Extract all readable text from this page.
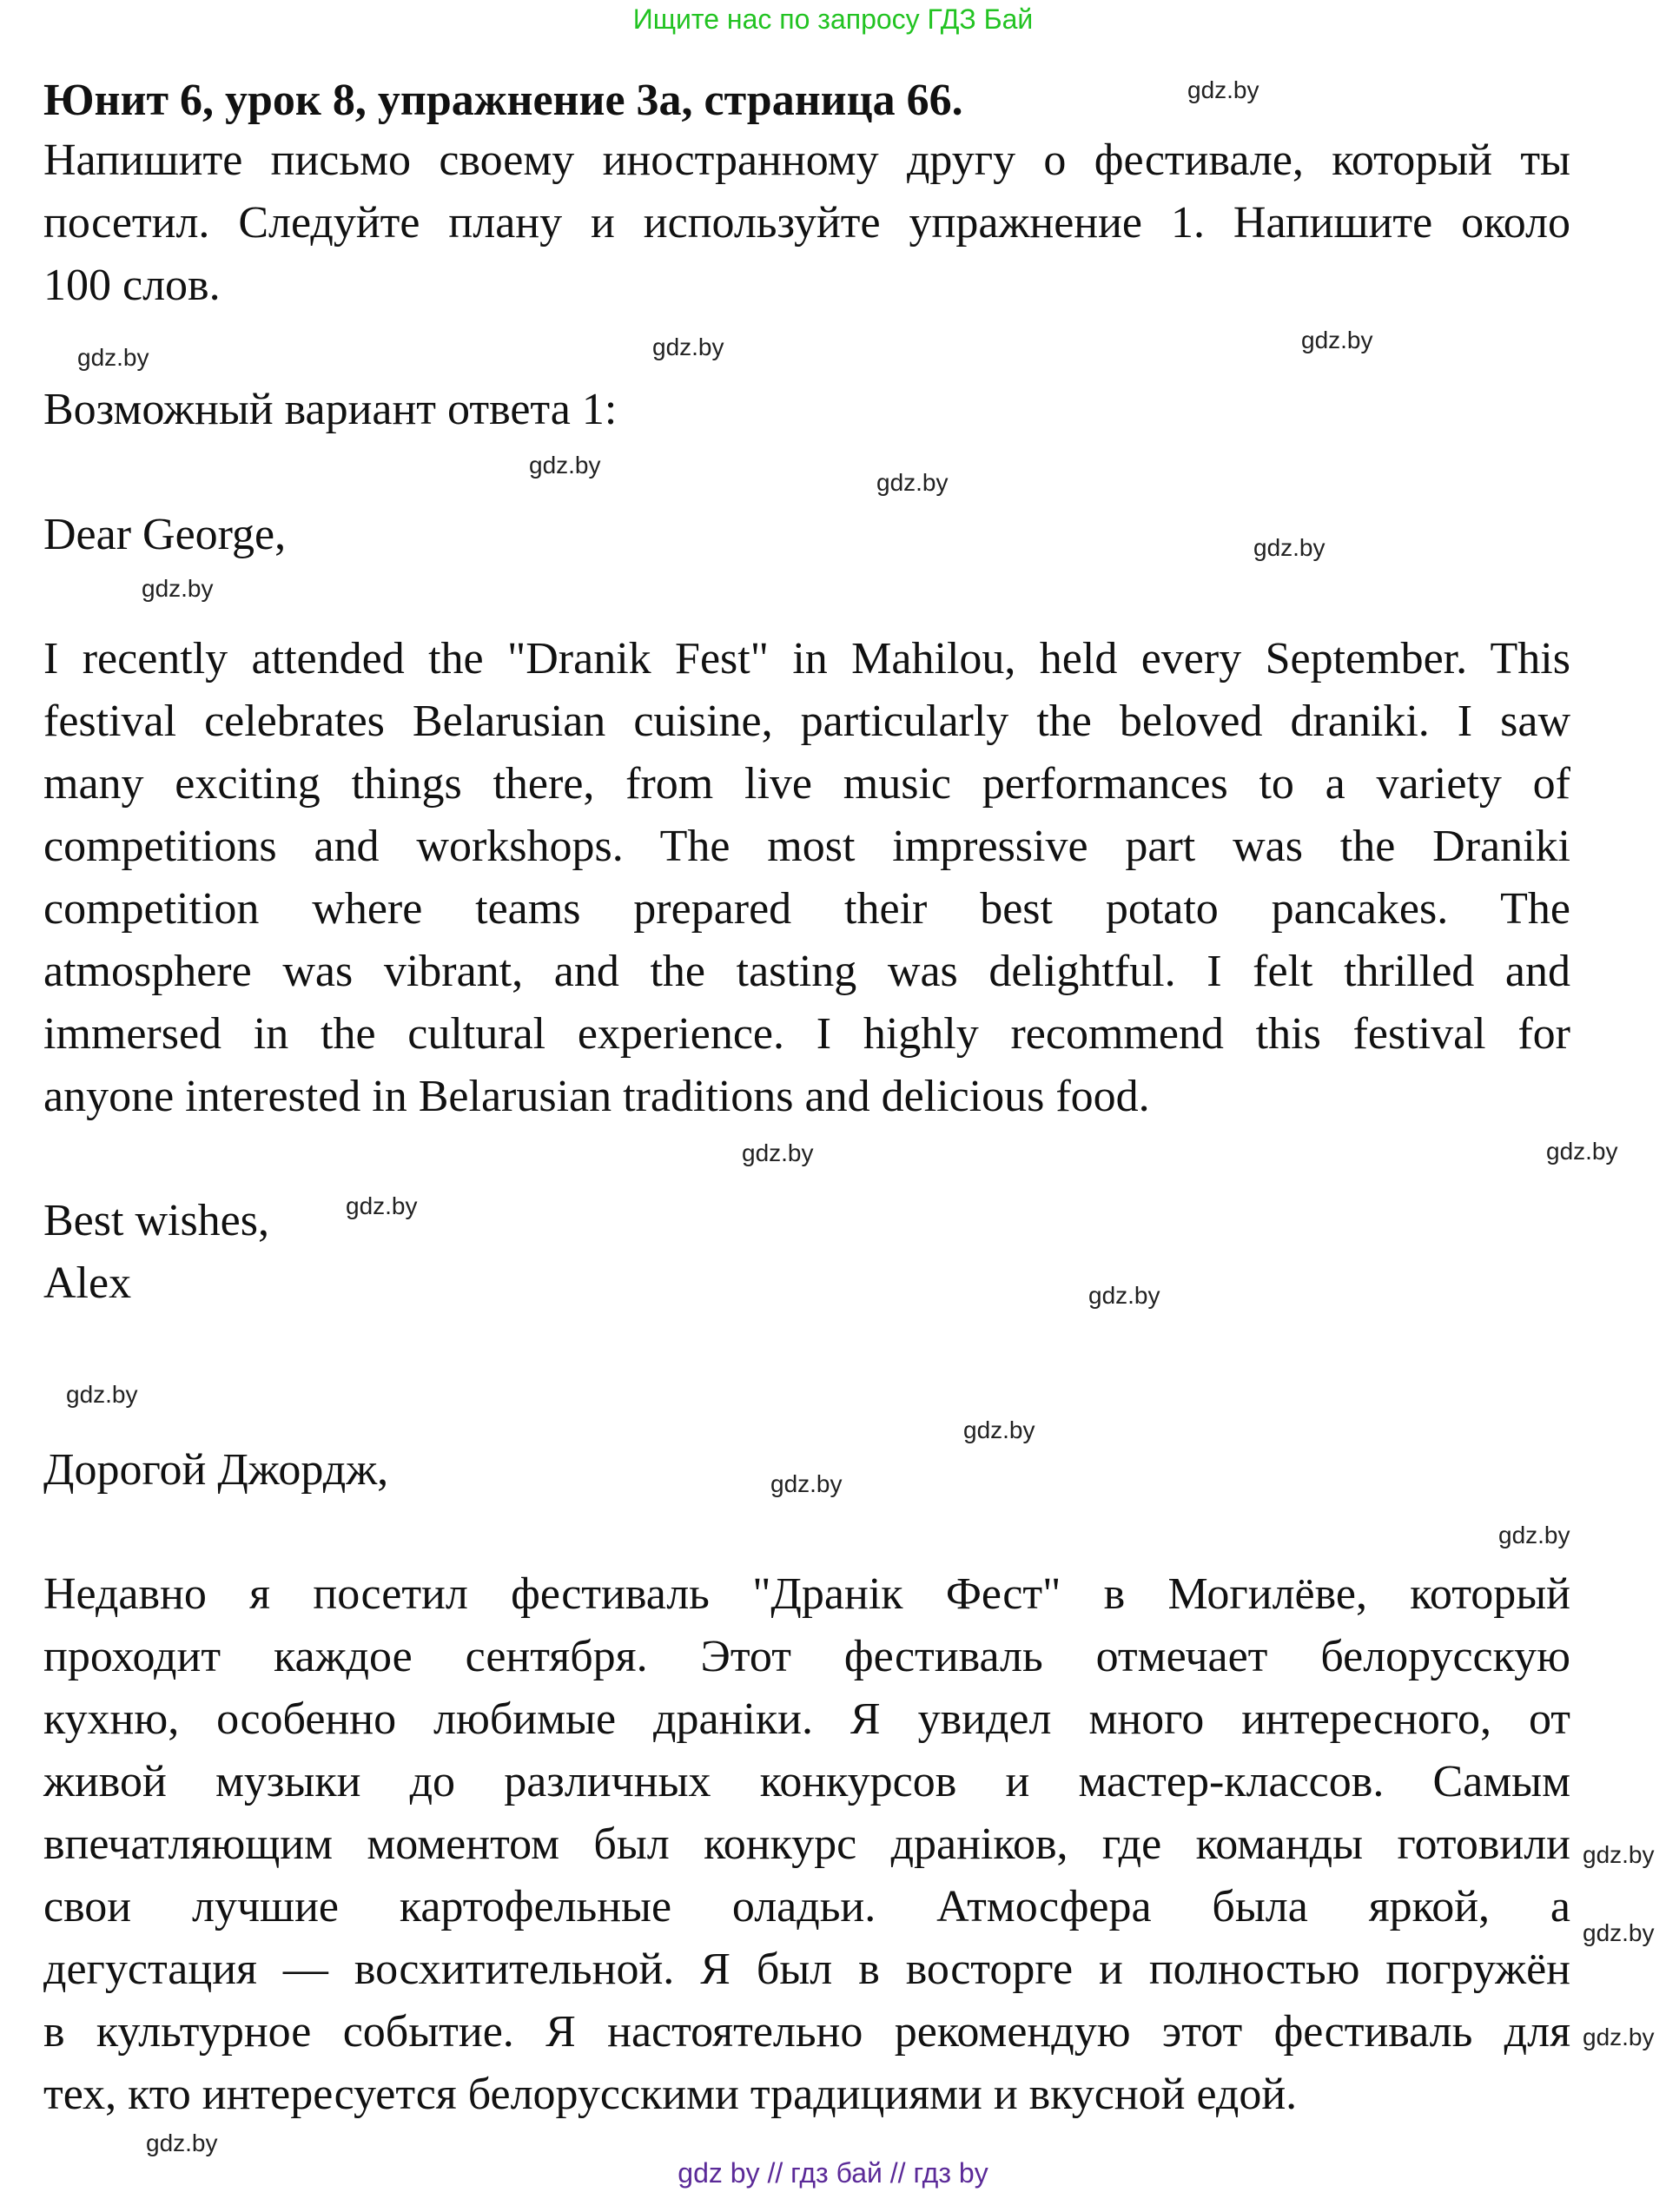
Ищите нас по запросу ГДЗ Бай
Юнит 6, урок 8, упражнение 3а, страница 66.
Напишите письмо своему иностранному другу о фестивале, который ты
посетил. Следуйте плану и используйте упражнение 1. Напишите около
100 слов.
Возможный вариант ответа 1:
Dear George,
I recently attended the "Dranik Fest" in Mahilou, held every September. This
festival celebrates Belarusian cuisine, particularly the beloved draniki. I saw
many exciting things there, from live music performances to a variety of
competitions and workshops. The most impressive part was the Draniki
competition where teams prepared their best potato pancakes. The
atmosphere was vibrant, and the tasting was delightful. I felt thrilled and
immersed in the cultural experience. I highly recommend this festival for
anyone interested in Belarusian traditions and delicious food.
Best wishes,
Alex
Дорогой Джордж,
Недавно я посетил фестиваль "Дранік Фест" в Могилёве, который
проходит каждое сентября. Этот фестиваль отмечает белорусскую
кухню, особенно любимые драніки. Я увидел много интересного, от
живой музыки до различных конкурсов и мастер-классов. Самым
впечатляющим моментом был конкурс драніков, где команды готовили
свои лучшие картофельные оладьи. Атмосфера была яркой, а
дегустация — восхитительной. Я был в восторге и полностью погружён
в культурное событие. Я настоятельно рекомендую этот фестиваль для
тех, кто интересуется белорусскими традициями и вкусной едой.
gdz.by
gdz.by	gdz.by
gdz.by
gdz.by
gdz.by
gdz.by
gdz.by
gdz.by
gdz.by
gdz.by
gdz.by
gdz.by
gdz.by
gdz.by
gdz.by
gdz.by
gdz.by
gdz.by
gdz.by
gdz by // гдз бай // гдз by
